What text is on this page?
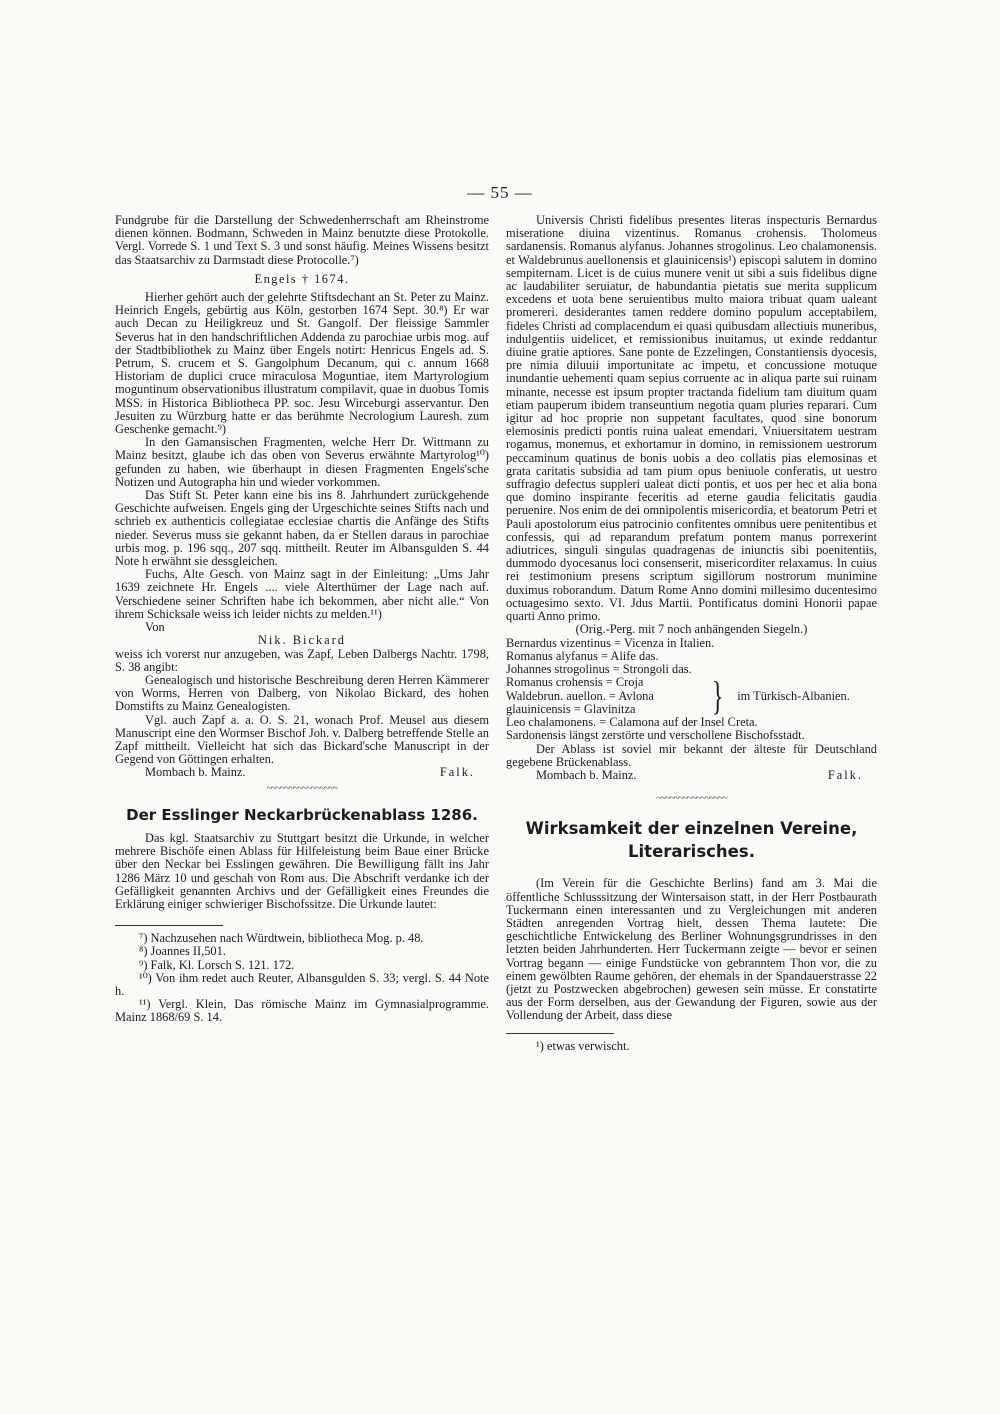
— 55 —

Fundgrube für die Darstellung der Schwedenherrschaft am Rheinstrome dienen können. Bodmann, Schweden in Mainz benutzte diese Protokolle. Vergl. Vorrede S. 1 und Text S. 3 und sonst häufig. Meines Wissens besitzt das Staatsarchiv zu Darmstadt diese Protocolle.⁷)

Engels † 1674.

Hierher gehört auch der gelehrte Stiftsdechant an St. Peter zu Mainz. Heinrich Engels, gebürtig aus Köln, gestorben 1674 Sept. 30.⁸) Er war auch Decan zu Heiligkreuz und St. Gangolf. Der fleissige Sammler Severus hat in den handschriftlichen Addenda zu parochiae urbis mog. auf der Stadtbibliothek zu Mainz über Engels notirt: Henricus Engels ad. S. Petrum, S. crucem et S. Gangolphum Decanum, qui c. annum 1668 Historiam de duplici cruce miraculosa Moguntiae, item Martyrologium moguntinum observationibus illustratum compilavit, quae in duobus Tomis MSS. in Historica Bibliotheca PP. soc. Jesu Wirceburgi asservantur. Den Jesuiten zu Würzburg hatte er das berühmte Necrologium Lauresh. zum Geschenke gemacht.⁹)

In den Gamansischen Fragmenten, welche Herr Dr. Wittmann zu Mainz besitzt, glaube ich das oben von Severus erwähnte Martyrolog¹⁰) gefunden zu haben, wie überhaupt in diesen Fragmenten Engels'sche Notizen und Autographa hin und wieder vorkommen.

Das Stift St. Peter kann eine bis ins 8. Jahrhundert zurückgehende Geschichte aufweisen. Engels ging der Urgeschichte seines Stifts nach und schrieb ex authenticis collegiatae ecclesiae chartis die Anfänge des Stifts nieder. Severus muss sie gekannt haben, da er Stellen daraus in parochiae urbis mog. p. 196 sqq., 207 sqq. mittheilt. Reuter im Albansgulden S. 44 Note h erwähnt sie dessgleichen.

Fuchs, Alte Gesch. von Mainz sagt in der Einleitung: „Ums Jahr 1639 zeichnete Hr. Engels .... viele Alterthümer der Lage nach auf. Verschiedene seiner Schriften habe ich bekommen, aber nicht alle.“ Von ihrem Schicksale weiss ich leider nichts zu melden.¹¹)

Von

Nik. Bickard

weiss ich vorerst nur anzugeben, was Zapf, Leben Dalbergs Nachtr. 1798, S. 38 angibt:

Genealogisch und historische Beschreibung deren Herren Kämmerer von Worms, Herren von Dalberg, von Nikolao Bickard, des hohen Domstifts zu Mainz Genealogisten.

Vgl. auch Zapf a. a. O. S. 21, wonach Prof. Meusel aus diesem Manuscript eine den Wormser Bischof Joh. v. Dalberg betreffende Stelle an Zapf mittheilt. Vielleicht hat sich das Bickard'sche Manuscript in der Gegend von Göttingen erhalten.

Mombach b. Mainz.	Falk.
~~~~~~~~~~~~~~~~
Der Esslinger Neckarbrückenablass 1286.

Das kgl. Staatsarchiv zu Stuttgart besitzt die Urkunde, in welcher mehrere Bischöfe einen Ablass für Hilfeleistung beim Baue einer Brücke über den Neckar bei Esslingen gewähren. Die Bewilligung fällt ins Jahr 1286 März 10 und geschah von Rom aus. Die Abschrift verdanke ich der Gefälligkeit genannten Archivs und der Gefälligkeit eines Freundes die Erklärung einiger schwieriger Bischofssitze. Die Urkunde lautet:

⁷) Nachzusehen nach Würdtwein, bibliotheca Mog. p. 48.

⁸) Joannes II,501.

⁹) Falk, Kl. Lorsch S. 121. 172.

¹⁰) Von ihm redet auch Reuter, Albansgulden S. 33; vergl. S. 44 Note h.

¹¹) Vergl. Klein, Das römische Mainz im Gymnasialprogramme. Mainz 1868/69 S. 14.

Universis Christi fidelibus presentes literas inspecturis Bernardus miseratione diuina vizentinus. Romanus crohensis. Tholomeus sardanensis. Romanus alyfanus. Johannes strogolinus. Leo chalamonensis. et Waldebrunus auellonensis et glauinicensis¹) episcopi salutem in domino sempiternam. Licet is de cuius munere venit ut sibi a suis fidelibus digne ac laudabiliter seruiatur, de habundantia pietatis sue merita supplicum excedens et uota bene seruientibus multo maiora tribuat quam ualeant promereri. desiderantes tamen reddere domino populum acceptabilem, fideles Christi ad complacendum ei quasi quibusdam allectiuis muneribus, indulgentiis uidelicet, et remissionibus inuitamus, ut exinde reddantur diuine gratie aptiores. Sane ponte de Ezzelingen, Constantiensis dyocesis, pre nimia diluuii importunitate ac impetu, et concussione motuque inundantie uehementi quam sepius corruente ac in aliqua parte sui ruinam minante, necesse est ipsum propter tractanda fidelium tam diuitum quam etiam pauperum ibidem transeuntium negotia quam pluries reparari. Cum igitur ad hoc proprie non suppetant facultates, quod sine bonorum elemosinis predicti pontis ruina ualeat emendari, Vniuersitatem uestram rogamus, monemus, et exhortamur in domino, in remissionem uestrorum peccaminum quatinus de bonis uobis a deo collatis pias elemosinas et grata caritatis subsidia ad tam pium opus beniuole conferatis, ut uestro suffragio defectus suppleri ualeat dicti pontis, et uos per hec et alia bona que domino inspirante feceritis ad eterne gaudia felicitatis gaudia peruenire. Nos enim de dei omnipolentis misericordia, et beatorum Petri et Pauli apostolorum eius patrocinio confitentes omnibus uere penitentibus et confessis, qui ad reparandum prefatum pontem manus porrexerint adiutrices, singuli singulas quadragenas de iniunctis sibi poenitentiis, dummodo dyocesanus loci consenserit, misericorditer relaxamus. In cuius rei testimonium presens scriptum sigillorum nostrorum munimine duximus roborandum. Datum Rome Anno domini millesimo ducentesimo octuagesimo sexto. VI. Jdus Martii. Pontificatus domini Honorii papae quarti Anno primo.

(Orig.-Perg. mit 7 noch anhängenden Siegeln.)
Bernardus vizentinus = Vicenza in Italien.
Romanus alyfanus = Alife das.
Johannes strogolinus = Strongoli das.
Romanus crohensis = Croja
Waldebrun. auellon. = Avlona
glauinicensis = Glavinitza	} im Türkisch-Albanien.
Leo chalamonens. = Calamona auf der Insel Creta.
Sardonensis längst zerstörte und verschollene Bischofsstadt.

Der Ablass ist soviel mir bekannt der älteste für Deutschland gegebene Brückenablass.

Mombach b. Mainz.	Falk.
~~~~~~~~~~~~~~~~
Wirksamkeit der einzelnen Vereine,
Literarisches.

(Im Verein für die Geschichte Berlins) fand am 3. Mai die öffentliche Schlusssitzung der Wintersaison statt, in der Herr Postbaurath Tuckermann einen interessanten und zu Vergleichungen mit anderen Städten anregenden Vortrag hielt, dessen Thema lautete: Die geschichtliche Entwickelung des Berliner Wohnungsgrundrisses in den letzten beiden Jahrhunderten. Herr Tuckermann zeigte — bevor er seinen Vortrag begann — einige Fundstücke von gebranntem Thon vor, die zu einem gewölbten Raume gehören, der ehemals in der Spandauerstrasse 22 (jetzt zu Postzwecken abgebrochen) gewesen sein müsse. Er constatirte aus der Form derselben, aus der Gewandung der Figuren, sowie aus der Vollendung der Arbeit, dass diese

¹) etwas verwischt.
